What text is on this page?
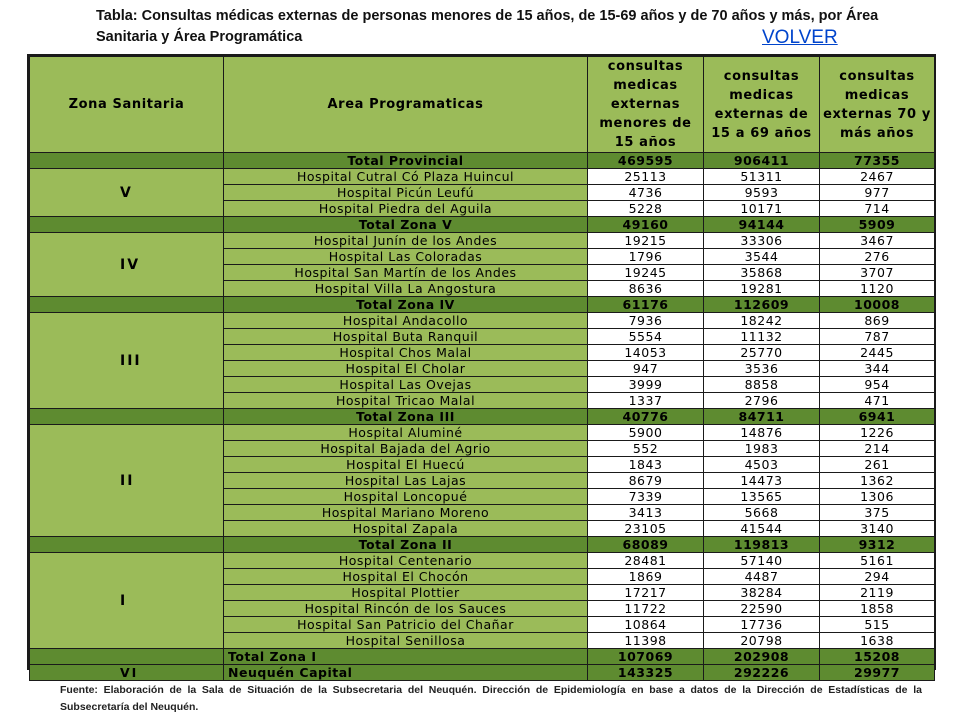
Tabla: Consultas médicas externas de personas menores de 15 años, de 15-69 años y de 70 años y más, por Área Sanitaria y Área Programática	VOLVER
Zona Sanitaria	Area Programaticas	consultas medicas externas menores de 15 años	consultas medicas externas de 15 a 69 años	consultas medicas externas 70 y más años
	Total Provincial	469595	906411	77355
V	Hospital Cutral Có Plaza Huincul	25113	51311	2467
	Hospital Picún Leufú	4736	9593	977
	Hospital Piedra del Aguila	5228	10171	714
	Total Zona V	49160	94144	5909
IV	Hospital Junín de los Andes	19215	33306	3467
	Hospital Las Coloradas	1796	3544	276
	Hospital San Martín de los Andes	19245	35868	3707
	Hospital Villa La Angostura	8636	19281	1120
	Total Zona IV	61176	112609	10008
III	Hospital Andacollo	7936	18242	869
	Hospital Buta Ranquil	5554	11132	787
	Hospital Chos Malal	14053	25770	2445
	Hospital El Cholar	947	3536	344
	Hospital Las Ovejas	3999	8858	954
	Hospital Tricao Malal	1337	2796	471
	Total Zona III	40776	84711	6941
II	Hospital Aluminé	5900	14876	1226
	Hospital Bajada del Agrio	552	1983	214
	Hospital El Huecú	1843	4503	261
	Hospital Las Lajas	8679	14473	1362
	Hospital Loncopué	7339	13565	1306
	Hospital Mariano Moreno	3413	5668	375
	Hospital Zapala	23105	41544	3140
	Total Zona II	68089	119813	9312
I	Hospital Centenario	28481	57140	5161
	Hospital El Chocón	1869	4487	294
	Hospital Plottier	17217	38284	2119
	Hospital Rincón de los Sauces	11722	22590	1858
	Hospital San Patricio del Chañar	10864	17736	515
	Hospital Senillosa	11398	20798	1638
	Total Zona I	107069	202908	15208
VI	Neuquén Capital	143325	292226	29977
Fuente: Elaboración de la Sala de Situación de la Subsecretaria del Neuquén. Dirección de Epidemiología en base a datos de la Dirección de Estadísticas de la Subsecretaría del Neuquén.
